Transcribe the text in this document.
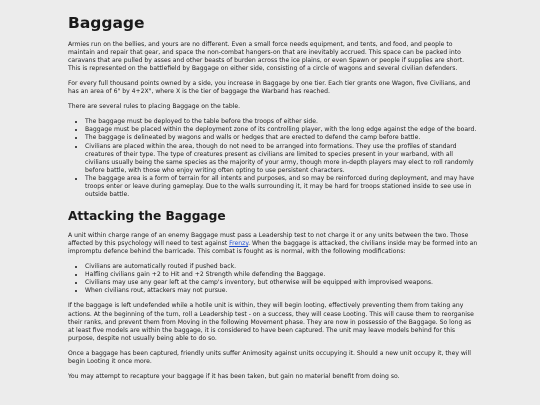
Baggage

Armies run on the bellies, and yours are no different. Even a small force needs equipment, and tents, and food, and people to maintain and repair that gear, and space the non-combat hangers-on that are inevitably accrued. This space can be packed into caravans that are pulled by asses and other beasts of burden across the ice plains, or even Spawn or people if supplies are short. This is represented on the battlefield by Baggage on either side, consisting of a circle of wagons and several civilian defenders.

For every full thousand points owned by a side, you increase in Baggage by one tier. Each tier grants one Wagon, five Civilians, and has an area of 6" by 4+2X", where X is the tier of baggage the Warband has reached.

There are several rules to placing Baggage on the table.

• The baggage must be deployed to the table before the troops of either side.
• Baggage must be placed within the deployment zone of its controlling player, with the long edge against the edge of the board.
• The baggage is delineated by wagons and walls or hedges that are erected to defend the camp before battle.
• Civilians are placed within the area, though do not need to be arranged into formations. They use the profiles of standard creatures of their type. The type of creatures present as civilians are limited to species present in your warband, with all civilians usually being the same species as the majority of your army, though more in-depth players may elect to roll randomly before battle, with those who enjoy writing often opting to use persistent characters.
• The baggage area is a form of terrain for all intents and purposes, and so may be reinforced during deployment, and may have troops enter or leave during gameplay. Due to the walls surrounding it, it may be hard for troops stationed inside to see use in outside battle.
Attacking the Baggage

A unit within charge range of an enemy Baggage must pass a Leadership test to not charge it or any units between the two. Those affected by this psychology will need to test against Frenzy. When the baggage is attacked, the civilians inside may be formed into an impromptu defence behind the barricade. This combat is fought as is normal, with the following modifications:

• Civilians are automatically routed if pushed back.
• Halfling civilians gain +2 to Hit and +2 Strength while defending the Baggage.
• Civilians may use any gear left at the camp's inventory, but otherwise will be equipped with improvised weapons.
• When civilians rout, attackers may not pursue.

If the baggage is left undefended while a hotile unit is within, they will begin looting, effectively preventing them from taking any actions. At the beginning of the turn, roll a Leadership test - on a success, they will cease Looting. This will cause them to reorganise their ranks, and prevent them from Moving in the following Movement phase. They are now in possessio of the Baggage. So long as at least five models are within the baggage, it is considered to have been captured. The unit may leave models behind for this purpose, despite not usually being able to do so.

Once a baggage has been captured, friendly units suffer Animosity against units occupying it. Should a new unit occupy it, they will begin Looting it once more.

You may attempt to recapture your baggage if it has been taken, but gain no material benefit from doing so.
